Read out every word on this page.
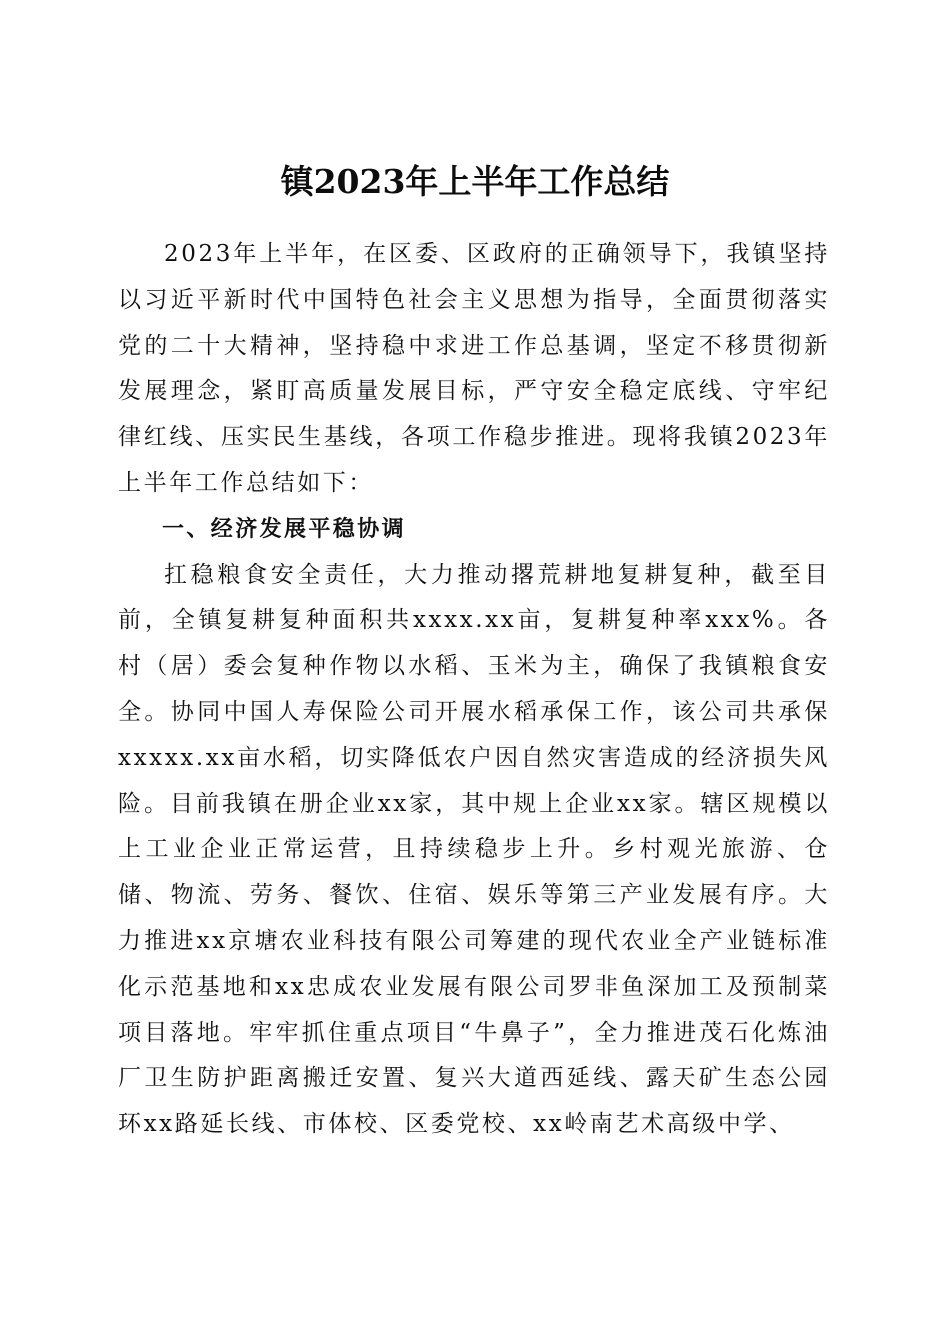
镇2023年上半年工作总结

2023年上半年，在区委、区政府的正确领导下，我镇坚持以习近平新时代中国特色社会主义思想为指导，全面贯彻落实党的二十大精神，坚持稳中求进工作总基调，坚定不移贯彻新发展理念，紧盯高质量发展目标，严守安全稳定底线、守牢纪律红线、压实民生基线，各项工作稳步推进。现将我镇2023年上半年工作总结如下：

一、经济发展平稳协调

扛稳粮食安全责任，大力推动撂荒耕地复耕复种，截至目前，全镇复耕复种面积共xxxx.xx亩，复耕复种率xxx%。各村（居）委会复种作物以水稻、玉米为主，确保了我镇粮食安全。协同中国人寿保险公司开展水稻承保工作，该公司共承保xxxxx.xx亩水稻，切实降低农户因自然灾害造成的经济损失风险。目前我镇在册企业xx家，其中规上企业xx家。辖区规模以上工业企业正常运营，且持续稳步上升。乡村观光旅游、仓储、物流、劳务、餐饮、住宿、娱乐等第三产业发展有序。大力推进xx京塘农业科技有限公司筹建的现代农业全产业链标准化示范基地和xx忠成农业发展有限公司罗非鱼深加工及预制菜项目落地。牢牢抓住重点项目“牛鼻子”，全力推进茂石化炼油厂卫生防护距离搬迁安置、复兴大道西延线、露天矿生态公园环xx路延长线、市体校、区委党校、xx岭南艺术高级中学、
